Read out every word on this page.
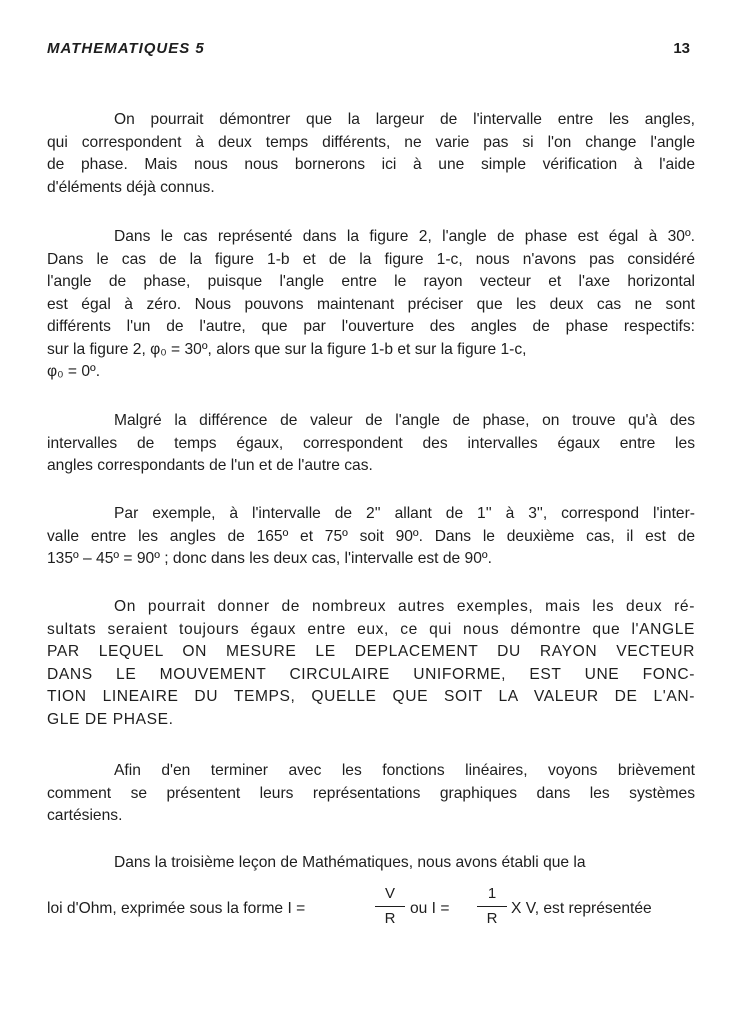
MATHEMATIQUES 5	13
On pourrait démontrer que la largeur de l'intervalle entre les angles,
qui correspondent à deux temps différents, ne varie pas si l'on change l'angle
de phase. Mais nous nous bornerons ici à une simple vérification à l'aide
d'éléments déjà connus.
Dans le cas représenté dans la figure 2, l'angle de phase est égal à 30º.
Dans le cas de la figure 1-b et de la figure 1-c, nous n'avons pas considéré
l'angle de phase, puisque l'angle entre le rayon vecteur et l'axe horizontal
est égal à zéro. Nous pouvons maintenant préciser que les deux cas ne sont
différents l'un de l'autre, que par l'ouverture des angles de phase respectifs:
sur la figure 2, φ₀ = 30º, alors que sur la figure 1-b et sur la figure 1-c,
φ₀ = 0º.
Malgré la différence de valeur de l'angle de phase, on trouve qu'à des
intervalles de temps égaux, correspondent des intervalles égaux entre les
angles correspondants de l'un et de l'autre cas.
Par exemple, à l'intervalle de 2'' allant de 1'' à 3'', correspond l'inter-
valle entre les angles de 165º et 75º soit 90º. Dans le deuxième cas, il est de
135º – 45º = 90º ; donc dans les deux cas, l'intervalle est de 90º.
On pourrait donner de nombreux autres exemples, mais les deux ré-
sultats seraient toujours égaux entre eux, ce qui nous démontre que l'ANGLE
PAR LEQUEL ON MESURE LE DEPLACEMENT DU RAYON VECTEUR
DANS LE MOUVEMENT CIRCULAIRE UNIFORME, EST UNE FONC-
TION LINEAIRE DU TEMPS, QUELLE QUE SOIT LA VALEUR DE L'AN-
GLE DE PHASE.
Afin d'en terminer avec les fonctions linéaires, voyons brièvement
comment se présentent leurs représentations graphiques dans les systèmes
cartésiens.
Dans la troisième leçon de Mathématiques, nous avons établi que la
loi d'Ohm, exprimée sous la forme I =
V
R
ou I =
1
R
X V, est représentée
